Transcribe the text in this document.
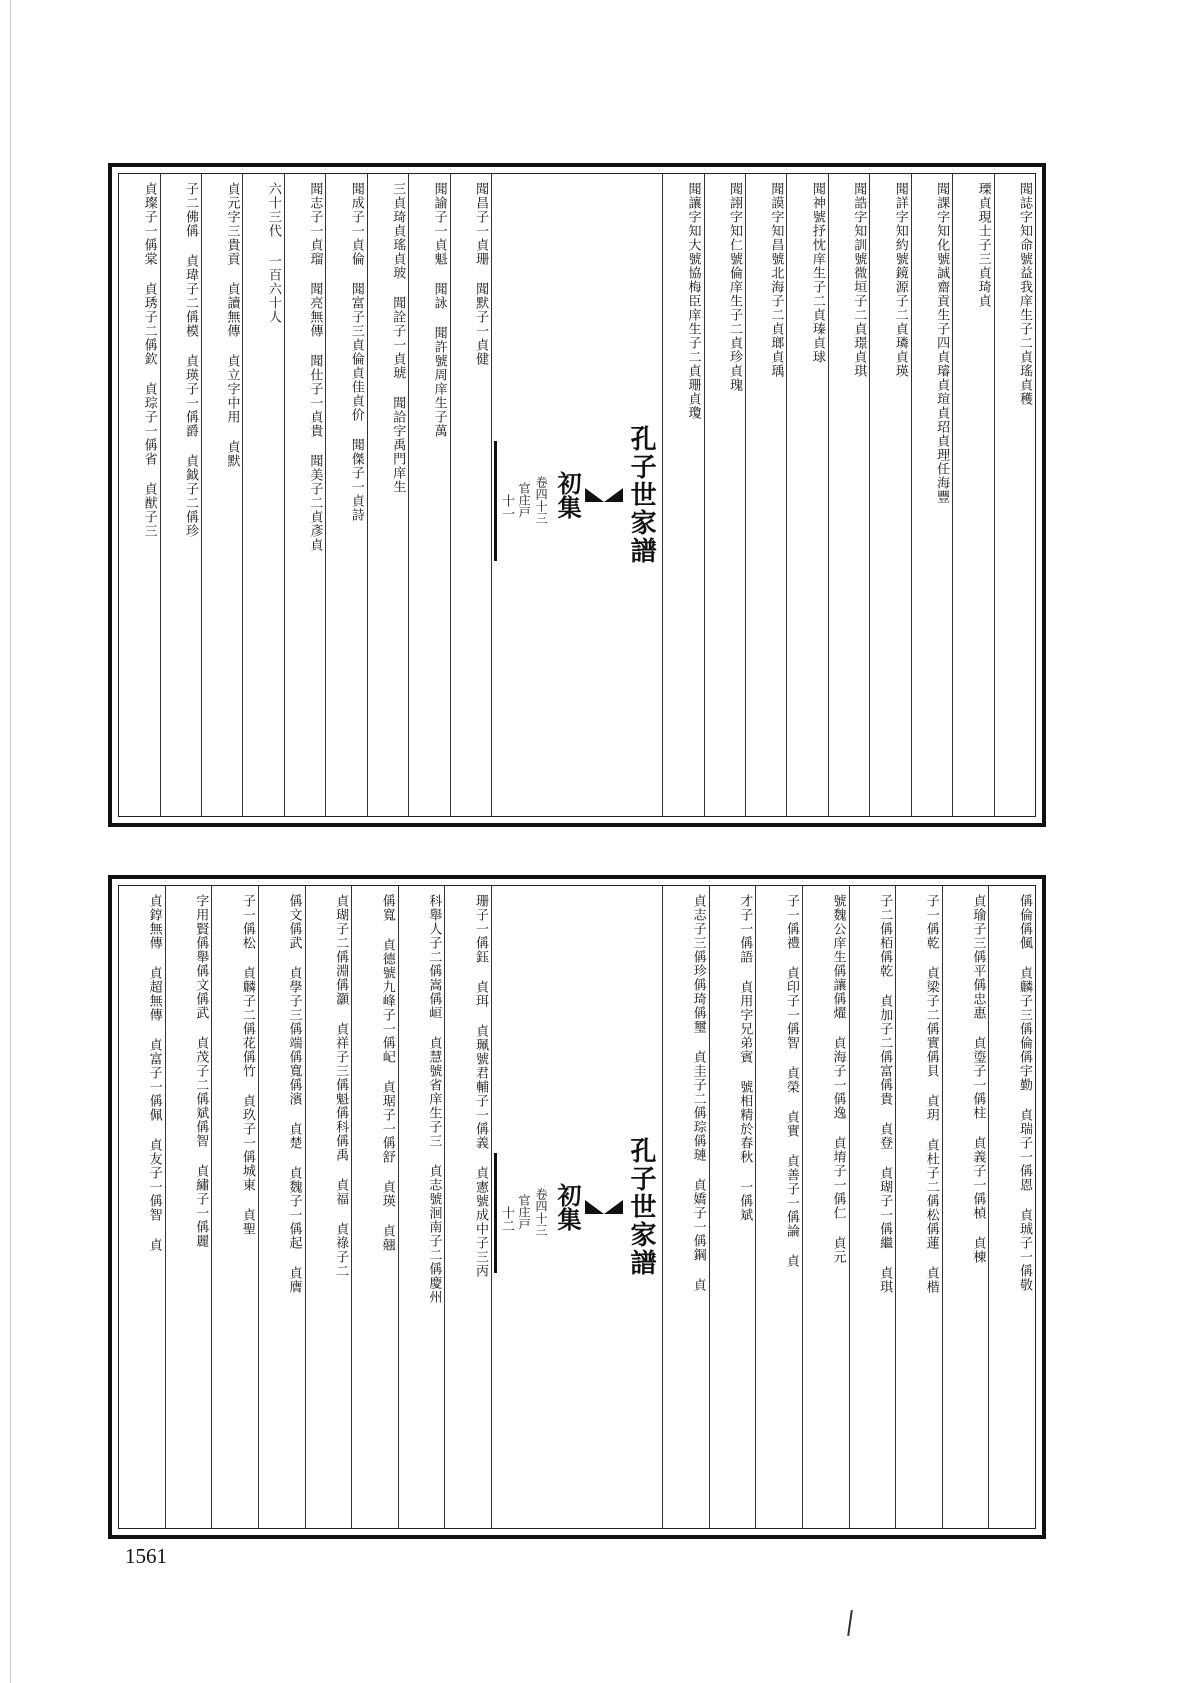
聞誌字知命號益我庠生子二貞瑤貞穫
瑮貞現士子三貞琦貞
聞課字知化號誠齋貢生子四貞璿貞瑄貞玿貞理任海豐
聞詳字知約號鏡源子二貞璘貞瑛
聞誥字知訓號微垣子二貞璟貞琪
聞神號抒忱庠生子二貞瑧貞球
聞謨字知昌號北海子二貞瑯貞瑀
聞詡字知仁號倫庠生子二貞珍貞瑰
聞讓字知大號協梅臣庠生子二貞珊貞瓊
孔子世家譜
初集
卷四十三
官庄戸
十一
聞昌子一貞珊 聞默子一貞健
聞諭子一貞魁 聞詠 聞許號周庠生子萬
三貞琦貞瑤貞玻 聞詮子一貞琥 聞詥字禹門庠生
聞成子一貞倫 聞富子三貞倫貞佳貞价 聞傑子一貞詩
聞志子一貞瑠 聞亮無傳 聞仕子一貞貴 聞美子二貞彥貞
六十三代 一百六十人
貞元字三貴貢 貞讀無傳 貞立字中用 貞默
子二佛偁 貞瑋子二偁模 貞瑛子一偁爵 貞鉞子二偁珍
貞璨子一偁棠 貞琇子二偁欽 貞琮子一偁省 貞猷子三
偁倫偁偑 貞麟子三偁倫偁宇勤 貞瑞子一偁恩 貞珹子一偁敬
貞瑜子三偁平偁忠惠 貞瑬子一偁柱 貞義子一偁楨 貞棟
子一偁乾 貞梁子二偁實偁貝 貞玥 貞杜子二偁松偁蓮 貞楷
子二偁栢偁乾 貞加子二偁富偁貴 貞登 貞瑚子一偁繼 貞琪
號魏公庠生偁讓偁燿 貞海子一偁逸 貞堉子一偁仁 貞元
子一偁禮 貞印子一偁智 貞榮 貞實 貞善子一偁論 貞
才子一偁語 貞用字兄弟賓 號相精於春秋 一偁斌
貞志子三偁珍偁琦偁璽 貞圭子二偁琮偁璉 貞嬌子一偁鋼 貞
孔子世家譜
初集
卷四十三
官庄戸
十二
珊子一偁鈺 貞珥 貞珮號君輔子一偁義 貞憲號成中子三丙
科舉人子二偁嵩偁峘 貞慧號省庠生子三 貞志號洄南子二偁慶州
偁寬 貞德號九峰子一偁屺 貞琚子一偁舒 貞瑛 貞翹
貞瑚子二偁淵偁灝 貞祥子三偁魁偁科偁禹 貞福 貞祿子二
偁文偁武 貞學子三偁端偁寬偁濱 貞楚 貞魏子一偁起 貞膺
子一偁松 貞麟子二偁花偁竹 貞玖子一偁城東 貞聖
字用賢偁舉偁文偁武 貞茂子二偁斌偁智 貞繡子一偁麗
貞錞無傳 貞超無傳 貞富子一偁佩 貞友子一偁智 貞
1561
